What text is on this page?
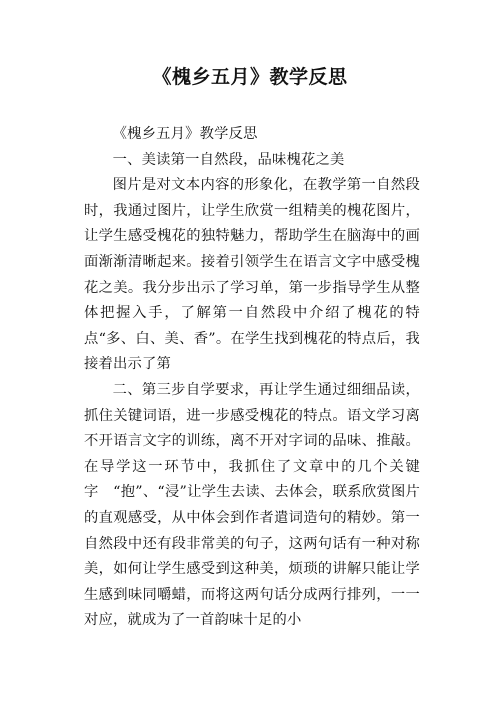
《槐乡五月》教学反思

《槐乡五月》教学反思

一、美读第一自然段，品味槐花之美

图片是对文本内容的形象化，在教学第一自然段时，我通过图片，让学生欣赏一组精美的槐花图片，让学生感受槐花的独特魅力，帮助学生在脑海中的画面渐渐清晰起来。接着引领学生在语言文字中感受槐花之美。我分步出示了学习单，第一步指导学生从整体把握入手，了解第一自然段中介绍了槐花的特点“多、白、美、香”。在学生找到槐花的特点后，我接着出示了第

二、第三步自学要求，再让学生通过细细品读，抓住关键词语，进一步感受槐花的特点。语文学习离不开语言文字的训练，离不开对字词的品味、推敲。在导学这一环节中，我抓住了文章中的几个关键字　“抱”、“浸”让学生去读、去体会，联系欣赏图片的直观感受，从中体会到作者遣词造句的精妙。第一自然段中还有段非常美的句子，这两句话有一种对称美，如何让学生感受到这种美，烦琐的讲解只能让学生感到味同嚼蜡，而将这两句话分成两行排列，一一对应，就成为了一首韵味十足的小
